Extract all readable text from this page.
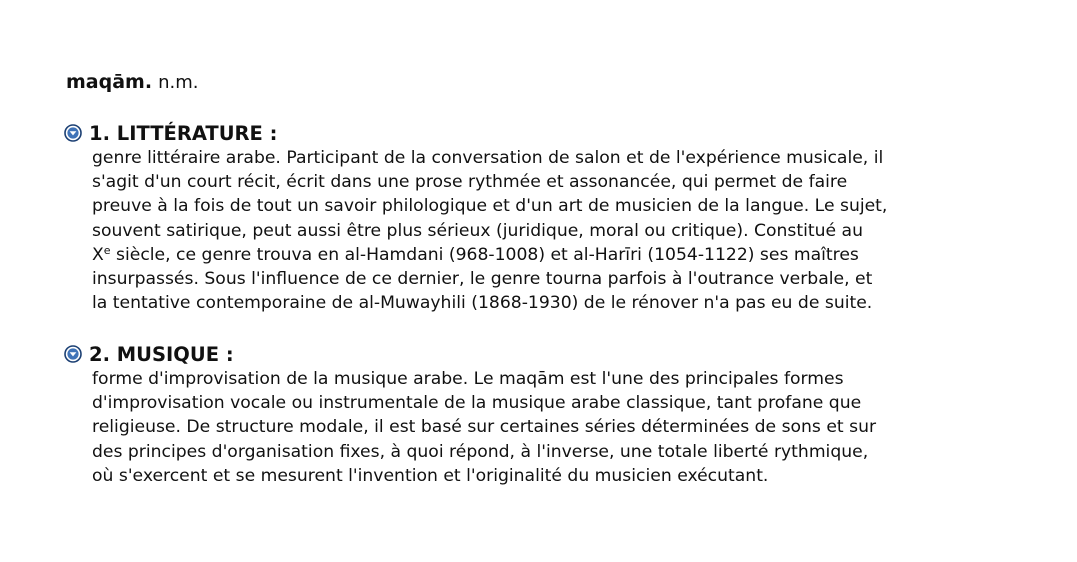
maqām. n.m.
1. LITTÉRATURE :
genre littéraire arabe. Participant de la conversation de salon et de l'expérience musicale, il
s'agit d'un court récit, écrit dans une prose rythmée et assonancée, qui permet de faire
preuve à la fois de tout un savoir philologique et d'un art de musicien de la langue. Le sujet,
souvent satirique, peut aussi être plus sérieux (juridique, moral ou critique). Constitué au
Xe siècle, ce genre trouva en al-Hamdani (968-1008) et al-Harīri (1054-1122) ses maîtres
insurpassés. Sous l'influence de ce dernier, le genre tourna parfois à l'outrance verbale, et
la tentative contemporaine de al-Muwayhili (1868-1930) de le rénover n'a pas eu de suite.
2. MUSIQUE :
forme d'improvisation de la musique arabe. Le maqām est l'une des principales formes
d'improvisation vocale ou instrumentale de la musique arabe classique, tant profane que
religieuse. De structure modale, il est basé sur certaines séries déterminées de sons et sur
des principes d'organisation fixes, à quoi répond, à l'inverse, une totale liberté rythmique,
où s'exercent et se mesurent l'invention et l'originalité du musicien exécutant.
